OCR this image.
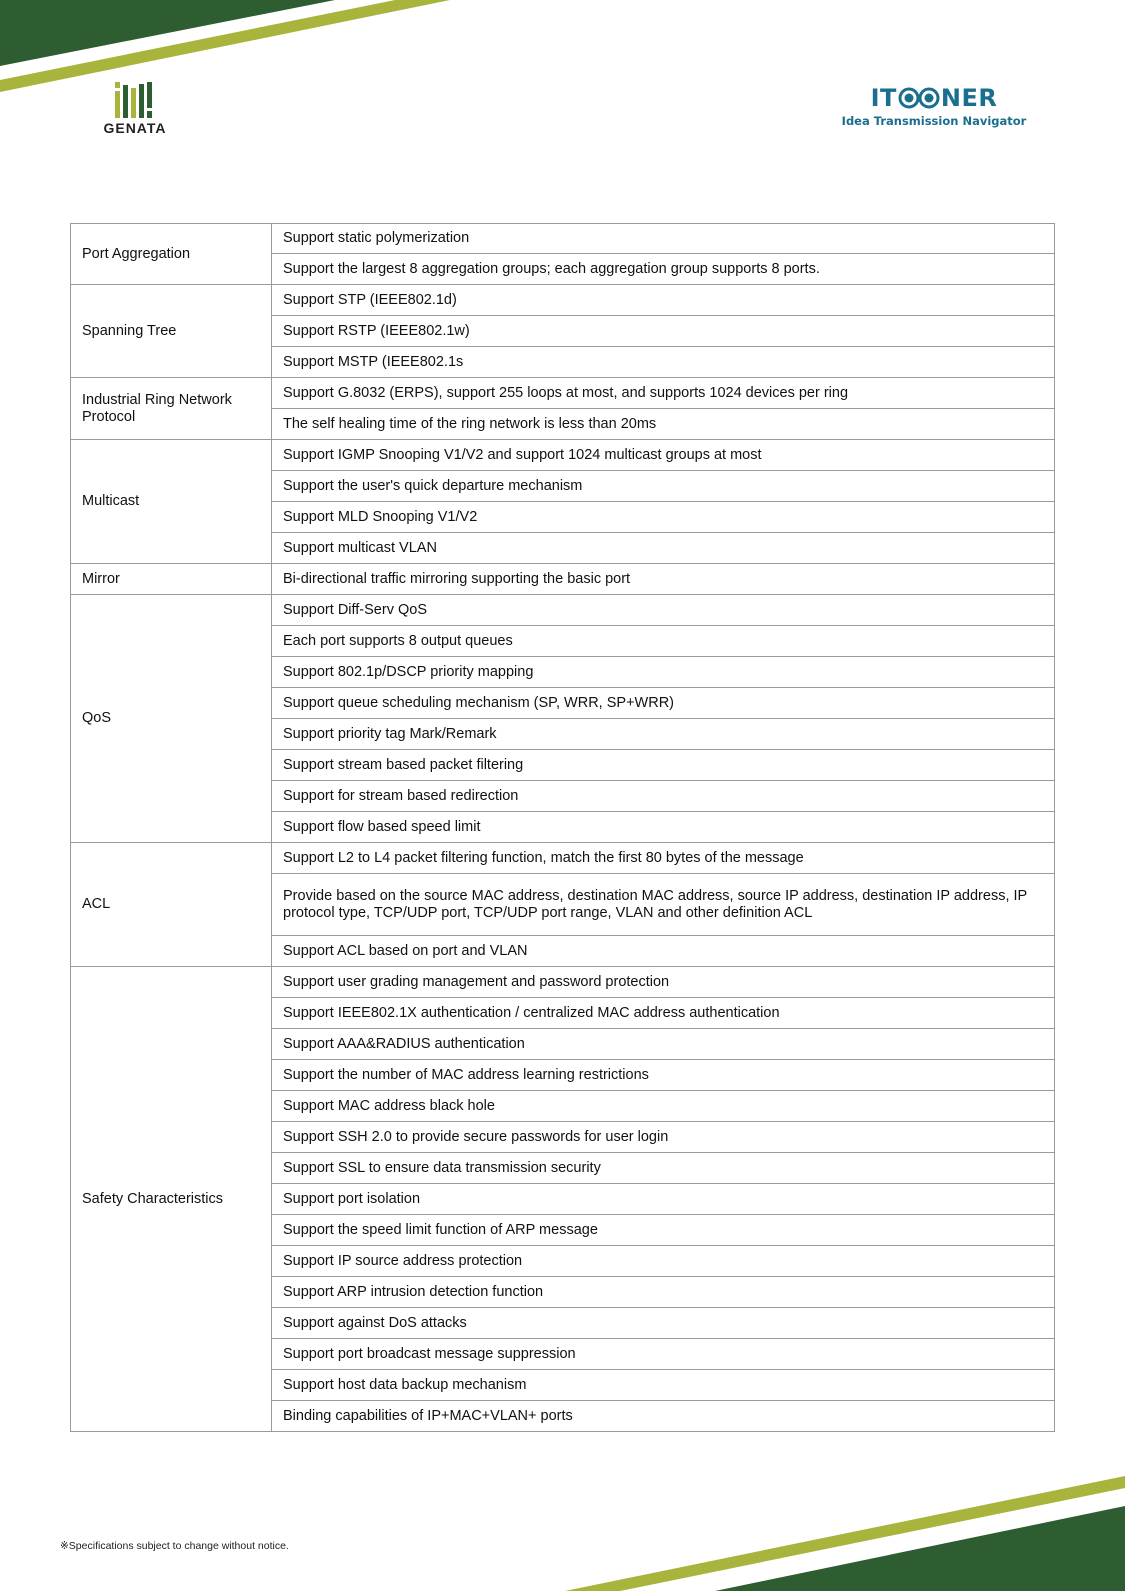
GENATA
IT NER
Idea Transmission Navigator
Port Aggregation	Support static polymerization
	Support the largest 8 aggregation groups; each aggregation group supports 8 ports.
Spanning Tree	Support STP (IEEE802.1d)
	Support RSTP (IEEE802.1w)
	Support MSTP (IEEE802.1s
Industrial Ring Network Protocol	Support G.8032 (ERPS), support 255 loops at most, and supports 1024 devices per ring
	The self healing time of the ring network is less than 20ms
Multicast	Support IGMP Snooping V1/V2 and support 1024 multicast groups at most
	Support the user's quick departure mechanism
	Support MLD Snooping V1/V2
	Support multicast VLAN
Mirror	Bi-directional traffic mirroring supporting the basic port
QoS	Support Diff-Serv QoS
	Each port supports 8 output queues
	Support 802.1p/DSCP priority mapping
	Support queue scheduling mechanism (SP, WRR, SP+WRR)
	Support priority tag Mark/Remark
	Support stream based packet filtering
	Support for stream based redirection
	Support flow based speed limit
ACL	Support L2 to L4 packet filtering function, match the first 80 bytes of the message
	Provide based on the source MAC address, destination MAC address, source IP address, destination IP address, IP protocol type, TCP/UDP port, TCP/UDP port range, VLAN and other definition ACL
	Support ACL based on port and VLAN
Safety Characteristics	Support user grading management and password protection
	Support IEEE802.1X authentication / centralized MAC address authentication
	Support AAA&RADIUS authentication
	Support the number of MAC address learning restrictions
	Support MAC address black hole
	Support SSH 2.0 to provide secure passwords for user login
	Support SSL to ensure data transmission security
	Support port isolation
	Support the speed limit function of ARP message
	Support IP source address protection
	Support ARP intrusion detection function
	Support against DoS attacks
	Support port broadcast message suppression
	Support host data backup mechanism
	Binding capabilities of IP+MAC+VLAN+ ports
※Specifications subject to change without notice.
